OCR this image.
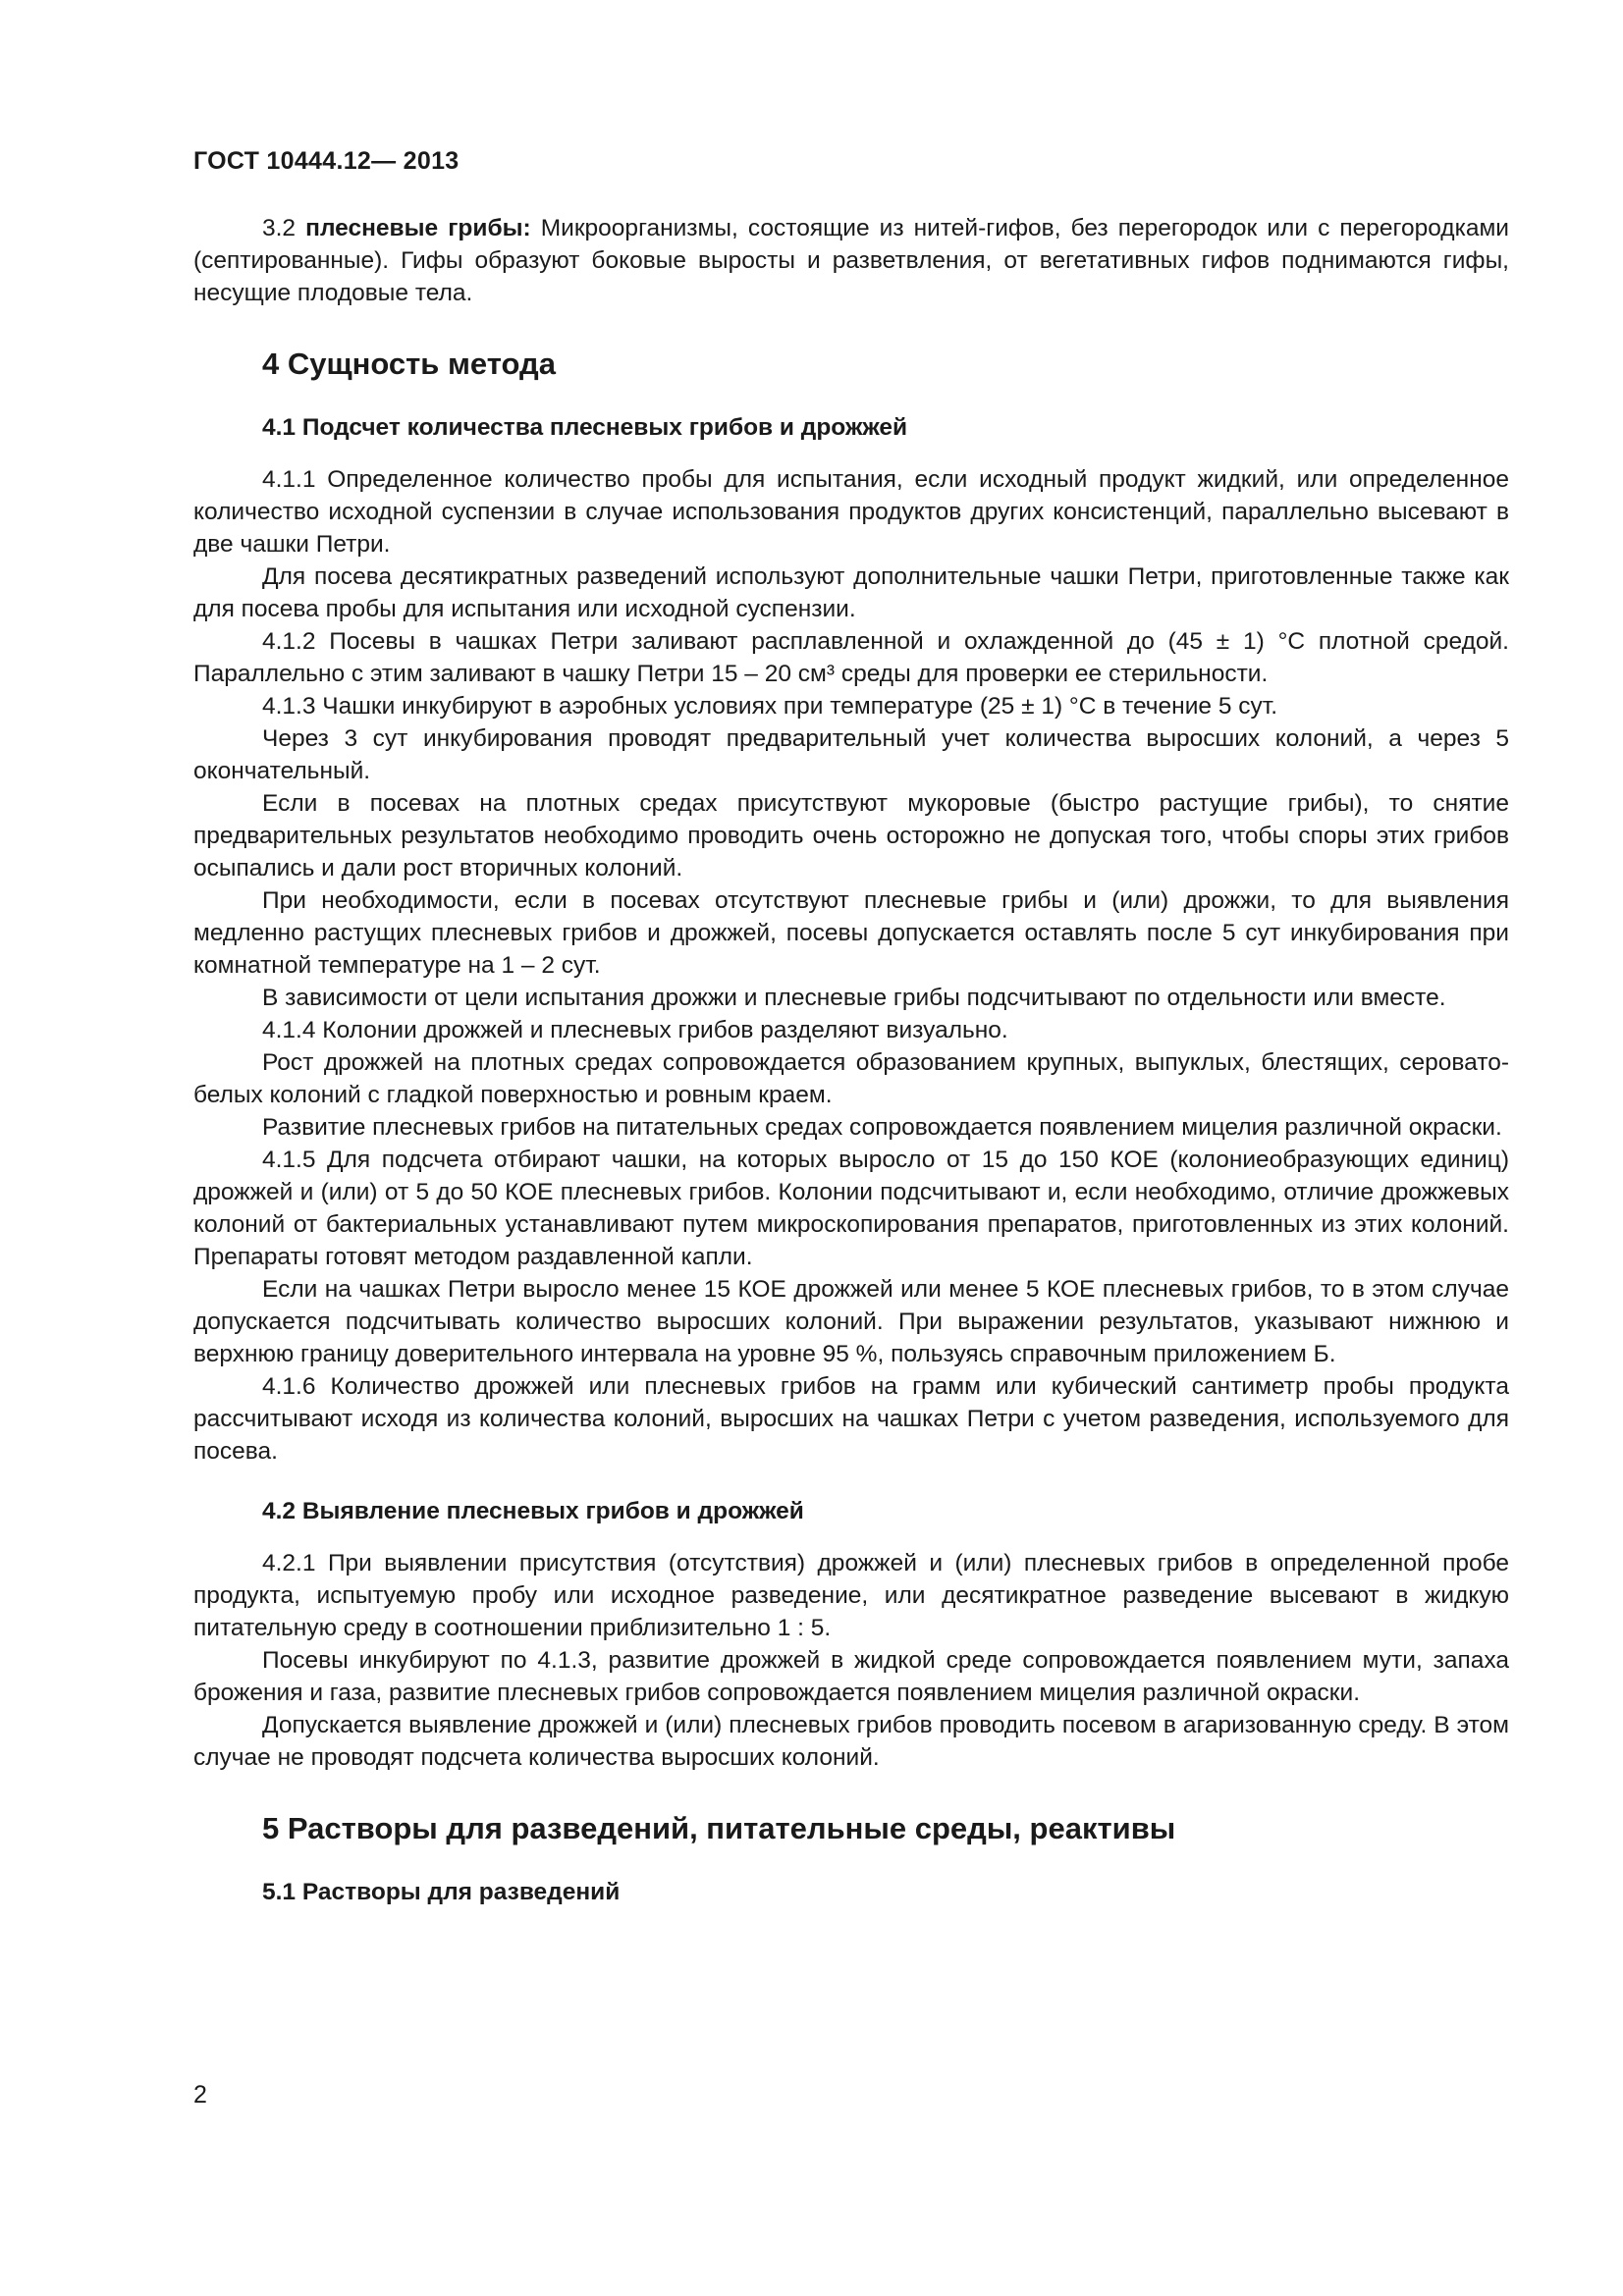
ГОСТ 10444.12— 2013

3.2 плесневые грибы: Микроорганизмы, состоящие из нитей-гифов, без перегородок или с перегородками (септированные). Гифы образуют боковые выросты и разветвления, от вегетативных гифов поднимаются гифы, несущие плодовые тела.

4 Сущность метода
4.1 Подсчет количества плесневых грибов и дрожжей

4.1.1 Определенное количество пробы для испытания, если исходный продукт жидкий, или определенное количество исходной суспензии в случае использования продуктов других консистенций, параллельно высевают в две чашки Петри.

Для посева десятикратных разведений используют дополнительные чашки Петри, приготовленные также как для посева пробы для испытания или исходной суспензии.

4.1.2 Посевы в чашках Петри заливают расплавленной и охлажденной до (45 ± 1) °С плотной средой. Параллельно с этим заливают в чашку Петри 15 – 20 см³ среды для проверки ее стерильности.

4.1.3 Чашки инкубируют в аэробных условиях при температуре (25 ± 1) °С в течение 5 сут.

Через 3 сут инкубирования проводят предварительный учет количества выросших колоний, а через 5 окончательный.

Если в посевах на плотных средах присутствуют мукоровые (быстро растущие грибы), то снятие предварительных результатов необходимо проводить очень осторожно не допуская того, чтобы споры этих грибов осыпались и дали рост вторичных колоний.

При необходимости, если в посевах отсутствуют плесневые грибы и (или) дрожжи, то для выявления медленно растущих плесневых грибов и дрожжей, посевы допускается оставлять после 5 сут инкубирования при комнатной температуре на 1 – 2 сут.

В зависимости от цели испытания дрожжи и плесневые грибы подсчитывают по отдельности или вместе.

4.1.4 Колонии дрожжей и плесневых грибов разделяют визуально.

Рост дрожжей на плотных средах сопровождается образованием крупных, выпуклых, блестящих, серовато-белых колоний с гладкой поверхностью и ровным краем.

Развитие плесневых грибов на питательных средах сопровождается появлением мицелия различной окраски.

4.1.5 Для подсчета отбирают чашки, на которых выросло от 15 до 150 КОЕ (колониеобразующих единиц) дрожжей и (или) от 5 до 50 КОЕ плесневых грибов. Колонии подсчитывают и, если необходимо, отличие дрожжевых колоний от бактериальных устанавливают путем микроскопирования препаратов, приготовленных из этих колоний. Препараты готовят методом раздавленной капли.

Если на чашках Петри выросло менее 15 КОЕ дрожжей или менее 5 КОЕ плесневых грибов, то в этом случае допускается подсчитывать количество выросших колоний. При выражении результатов, указывают нижнюю и верхнюю границу доверительного интервала на уровне 95 %, пользуясь справочным приложением Б.

4.1.6 Количество дрожжей или плесневых грибов на грамм или кубический сантиметр пробы продукта рассчитывают исходя из количества колоний, выросших на чашках Петри с учетом разведения, используемого для посева.

4.2 Выявление плесневых грибов и дрожжей

4.2.1 При выявлении присутствия (отсутствия) дрожжей и (или) плесневых грибов в определенной пробе продукта, испытуемую пробу или исходное разведение, или десятикратное разведение высевают в жидкую питательную среду в соотношении приблизительно 1 : 5.

Посевы инкубируют по 4.1.3, развитие дрожжей в жидкой среде сопровождается появлением мути, запаха брожения и газа, развитие плесневых грибов сопровождается появлением мицелия различной окраски.

Допускается выявление дрожжей и (или) плесневых грибов проводить посевом в агаризованную среду. В этом случае не проводят подсчета количества выросших колоний.

5 Растворы для разведений, питательные среды, реактивы
5.1 Растворы для разведений
2
